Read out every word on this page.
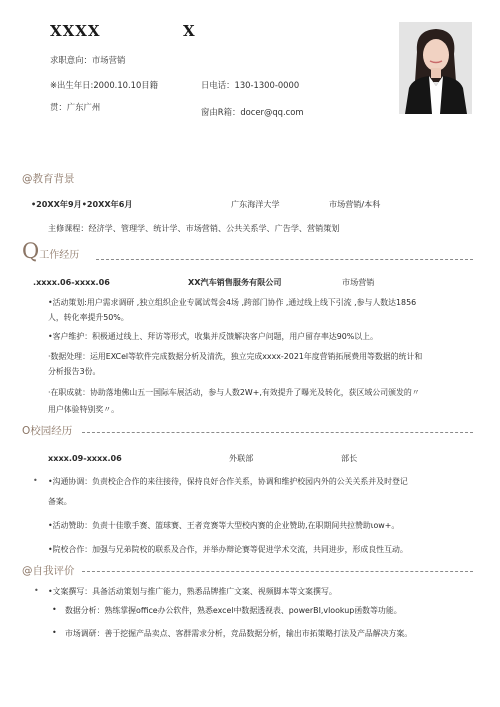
XXXX	X
求职意向：市场营销
※出生年日:2000.10.10目籍	日电话：130-1300-0000
贯：广东广州	窗由R箱：docer@qq.com
@教育背景
•20XX年9月•20XX年6月	广东海洋大学	市场营销/本科
主修课程：经济学、管理学、统计学、市场营销、公共关系学、广告学、营销策划
Q工作经历
.xxxx.06-xxxx.06	XX汽车销售服务有限公司	市场营销
•活动策划:用户需求调研 ,独立组织企业专属试驾会4场 ,跨部门协作 ,通过线上线下引流 ,参与人数达1856
人，转化率提升50%。
•客户维护：积极通过线上、拜访等形式，收集并反馈解决客户问题，用户留存率达90%以上。
·数据处理：运用EXCel等软件完成数据分析及清洗，独立完成xxxx-2021年度营销拓展费用等数据的统计和
分析报告3份。
·在职成就：协助落地佛山五一国际车展活动，参与人数2W+,有效提升了曝光及转化，获区域公司颁发的〃
用户体验特别奖〃。
O校园经历
xxxx.09-xxxx.06	外联部	部长
• •沟通协调：负责校企合作的来往接待，保持良好合作关系，协调和维护校园内外的公关关系并及时登记
备案。
•活动赞助：负责十佳歌手赛、篮球赛、王者竞赛等大型校内赛的企业赞助,在职期间共拉赞助ιow+。
•院校合作：加强与兄弟院校的联系及合作，并举办辩论赛等促进学术交流，共同进步，形成良性互动。
@自我评价
• •文案撰写：具备活动策划与推广能力，熟悉品牌推广文案、视频脚本等文案撰写。
• 数据分析：熟练掌握office办公软件，熟悉excel中数据透视表、powerBI,vlookup函数等功能。
• 市场调研：善于挖掘产品卖点、客群需求分析，竞品数据分析，输出市拓策略打法及产品解决方案。
